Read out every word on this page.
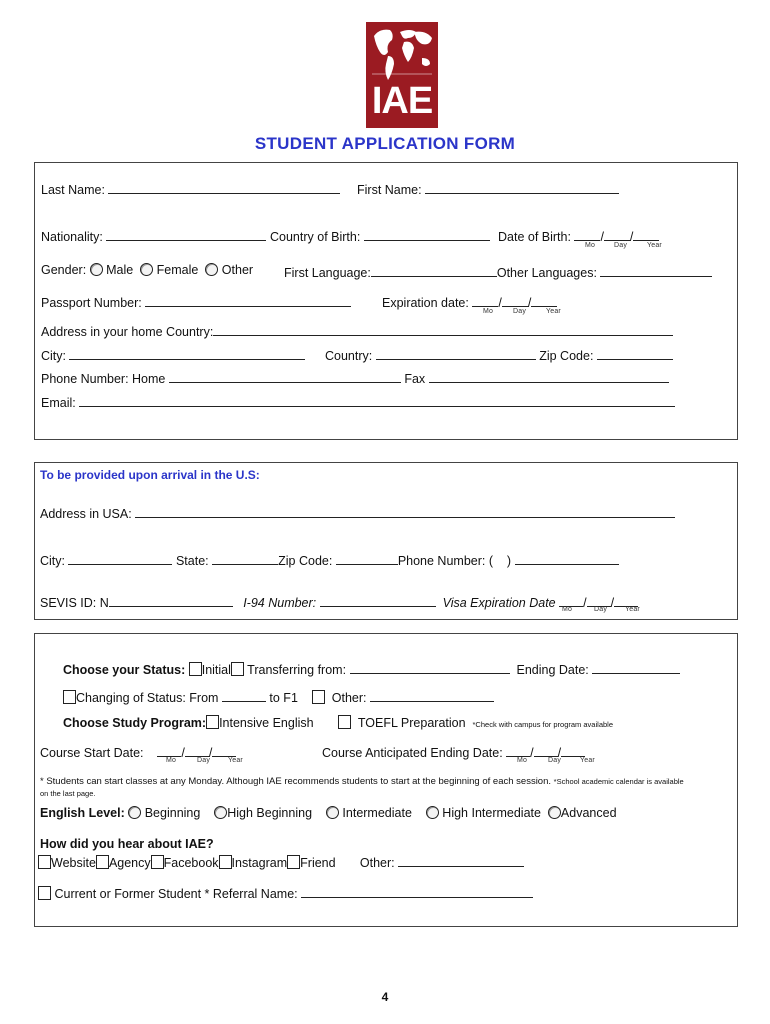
IAE
STUDENT APPLICATION FORM
Last Name:	First Name:
Nationality:	Country of Birth:	Date of Birth: / /
Mo	Day	Year
Gender: Male Female Other First Language:	Other Languages:
Passport Number:	Expiration date: / /
Mo	Day	Year
Address in your home Country:
City:	Country:	Zip Code:
Phone Number: Home	Fax
Email:
To be provided upon arrival in the U.S:
Address in USA:
City:	State:	Zip Code:	Phone Number: ( )
SEVIS ID: N	I-94 Number:	Visa Expiration Date / /
Mo	Day	Year
Choose your Status: Initial Transferring from:	Ending Date:
Changing of Status: From	to F1	Other:
Choose Study Program: Intensive English	TOEFL Preparation *Check with campus for program available
Course Start Date:	/ /
Mo	Day	Year
Course Anticipated Ending Date: / /
Mo	Day	Year
* Students can start classes at any Monday. Although IAE recommends students to start at the beginning of each session. *School academic calendar is available
on the last page.
English Level: Beginning High Beginning Intermediate High Intermediate Advanced
How did you hear about IAE?
Website Agency Facebook Instagram Friend Other:
Current or Former Student * Referral Name:
4
